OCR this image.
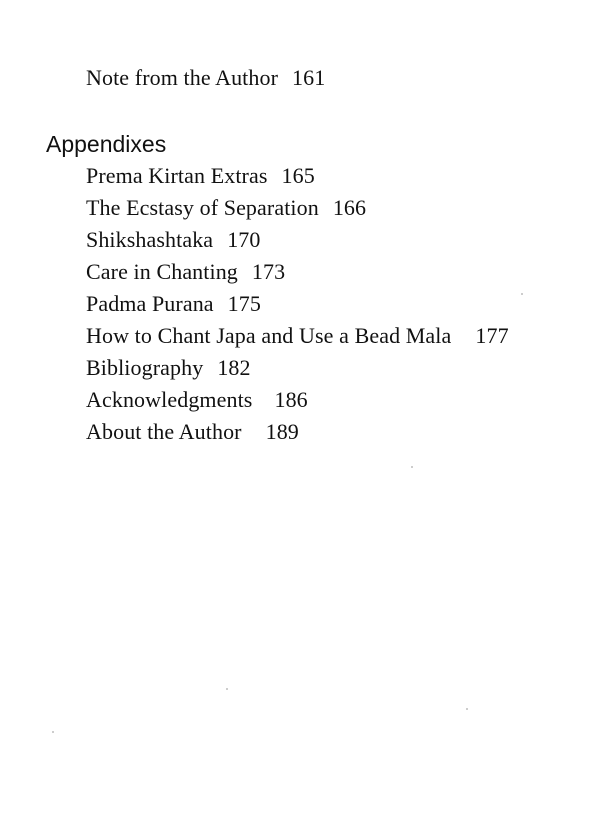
Note from the Author 161
Appendixes
Prema Kirtan Extras 165
The Ecstasy of Separation 166
Shikshashtaka 170
Care in Chanting 173
Padma Purana 175
How to Chant Japa and Use a Bead Mala 177
Bibliography 182
Acknowledgments 186
About the Author 189
